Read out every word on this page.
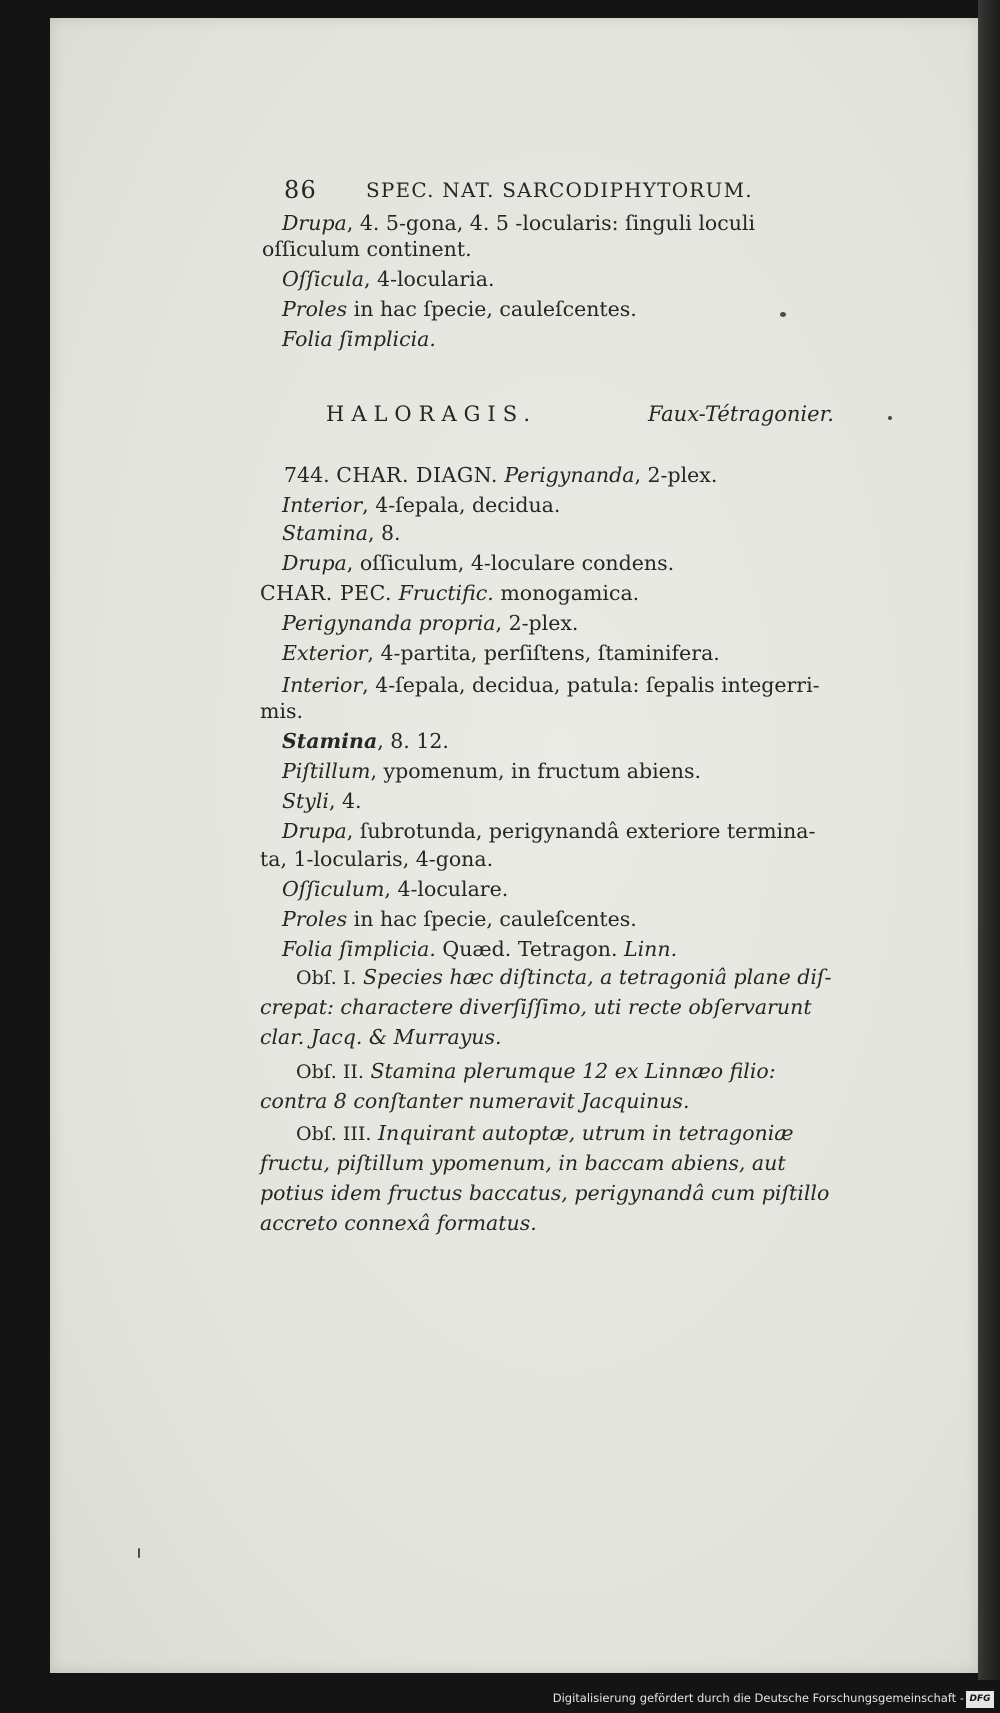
86 SPEC. NAT. SARCODIPHYTORUM.
Drupa, 4. 5-gona, 4. 5 -locularis: ſinguli loculi
oſſiculum continent.
Oſſicula, 4-locularia.
Proles in hac ſpecie, cauleſcentes.
Folia ſimplicia.
HALORAGIS.	Faux-Tétragonier.
744. CHAR. DIAGN. Perigynanda, 2-plex.
Interior, 4-ſepala, decidua.
Stamina, 8.
Drupa, oſſiculum, 4-loculare condens.
CHAR. PEC. Fructific. monogamica.
Perigynanda propria, 2-plex.
Exterior, 4-partita, perſiſtens, ſtaminifera.
Interior, 4-ſepala, decidua, patula: ſepalis integerri-
mis.
Stamina, 8. 12.
Piſtillum, ypomenum, in fructum abiens.
Styli, 4.
Drupa, ſubrotunda, perigynandâ exteriore termina-
ta, 1-locularis, 4-gona.
Oſſiculum, 4-loculare.
Proles in hac ſpecie, cauleſcentes.
Folia ſimplicia. Quæd. Tetragon. Linn.
Obſ. I. Species hæc diſtincta, a tetragoniâ plane diſ-
crepat: charactere diverſiſſimo, uti recte obſervarunt
clar. Jacq. & Murrayus.
Obſ. II. Stamina plerumque 12 ex Linnæo filio:
contra 8 conſtanter numeravit Jacquinus.
Obſ. III. Inquirant autoptæ, utrum in tetragoniæ
fructu, piſtillum ypomenum, in baccam abiens, aut
potius idem fructus baccatus, perigynandâ cum piſtillo
accreto connexâ formatus.
Digitalisierung gefördert durch die Deutsche Forschungsgemeinschaft - DFG
